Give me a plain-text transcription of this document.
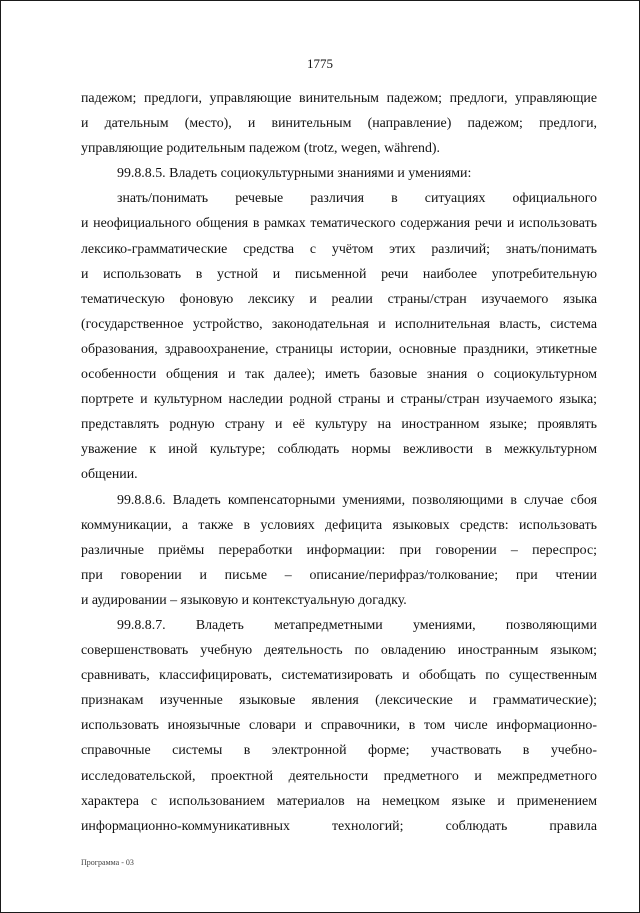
1775

падежом; предлоги, управляющие винительным падежом; предлоги, управляющие

и дательным (место), и винительным (направление) падежом; предлоги,

управляющие родительным падежом (trotz, wegen, während).

99.8.8.5. Владеть социокультурными знаниями и умениями:

знать/понимать речевые различия в ситуациях официального

и неофициального общения в рамках тематического содержания речи и использовать

лексико-грамматические средства с учётом этих различий; знать/понимать

и использовать в устной и письменной речи наиболее употребительную

тематическую фоновую лексику и реалии страны/стран изучаемого языка

(государственное устройство, законодательная и исполнительная власть, система

образования, здравоохранение, страницы истории, основные праздники, этикетные

особенности общения и так далее); иметь базовые знания о социокультурном

портрете и культурном наследии родной страны и страны/стран изучаемого языка;

представлять родную страну и её культуру на иностранном языке; проявлять

уважение к иной культуре; соблюдать нормы вежливости в межкультурном

общении.

99.8.8.6. Владеть компенсаторными умениями, позволяющими в случае сбоя

коммуникации, а также в условиях дефицита языковых средств: использовать

различные приёмы переработки информации: при говорении – переспрос;

при говорении и письме – описание/перифраз/толкование; при чтении

и аудировании – языковую и контекстуальную догадку.

99.8.8.7. Владеть метапредметными умениями, позволяющими

совершенствовать учебную деятельность по овладению иностранным языком;

сравнивать, классифицировать, систематизировать и обобщать по существенным

признакам изученные языковые явления (лексические и грамматические);

использовать иноязычные словари и справочники, в том числе информационно-

справочные системы в электронной форме; участвовать в учебно-

исследовательской, проектной деятельности предметного и межпредметного

характера с использованием материалов на немецком языке и применением

информационно-коммуникативных технологий; соблюдать правила

Программа - 03
